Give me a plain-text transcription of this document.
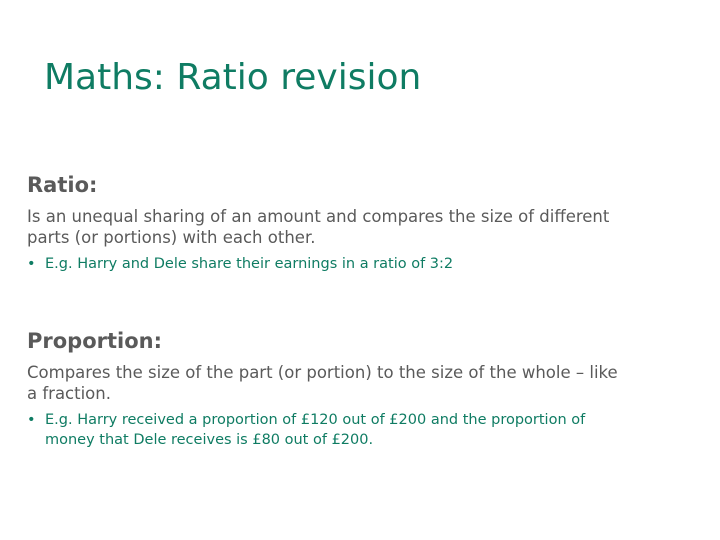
Maths: Ratio revision
Ratio:

Is an unequal sharing of an amount and compares the size of different parts (or portions) with each other.

• E.g. Harry and Dele share their earnings in a ratio of 3:2
Proportion:

Compares the size of the part (or portion) to the size of the whole – like a fraction.

• E.g. Harry received a proportion of £120 out of £200 and the proportion of money that Dele receives is £80 out of £200.
